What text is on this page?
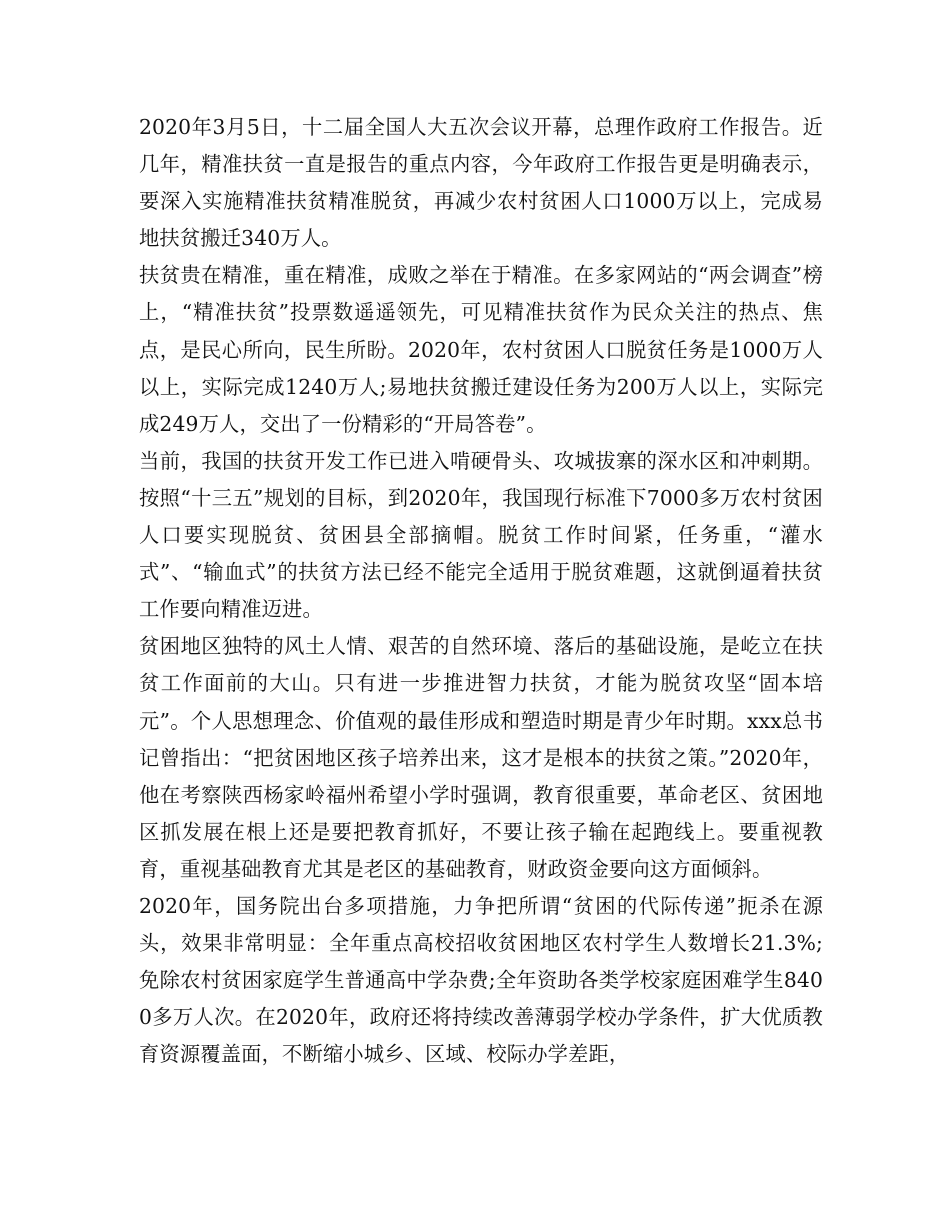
2020年3月5日，十二届全国人大五次会议开幕，总理作政府工作报告。近几年，精准扶贫一直是报告的重点内容，今年政府工作报告更是明确表示，要深入实施精准扶贫精准脱贫，再减少农村贫困人口1000万以上，完成易地扶贫搬迁340万人。

扶贫贵在精准，重在精准，成败之举在于精准。在多家网站的“两会调查”榜上，“精准扶贫”投票数遥遥领先，可见精准扶贫作为民众关注的热点、焦点，是民心所向，民生所盼。2020年，农村贫困人口脱贫任务是1000万人以上，实际完成1240万人;易地扶贫搬迁建设任务为200万人以上，实际完成249万人，交出了一份精彩的“开局答卷”。

当前，我国的扶贫开发工作已进入啃硬骨头、攻城拔寨的深水区和冲刺期。按照“十三五”规划的目标，到2020年，我国现行标准下7000多万农村贫困人口要实现脱贫、贫困县全部摘帽。脱贫工作时间紧，任务重，“灌水式”、“输血式”的扶贫方法已经不能完全适用于脱贫难题，这就倒逼着扶贫工作要向精准迈进。

贫困地区独特的风土人情、艰苦的自然环境、落后的基础设施，是屹立在扶贫工作面前的大山。只有进一步推进智力扶贫，才能为脱贫攻坚“固本培元”。个人思想理念、价值观的最佳形成和塑造时期是青少年时期。xxx总书记曾指出：“把贫困地区孩子培养出来，这才是根本的扶贫之策。”2020年，他在考察陕西杨家岭福州希望小学时强调，教育很重要，革命老区、贫困地区抓发展在根上还是要把教育抓好，不要让孩子输在起跑线上。要重视教育，重视基础教育尤其是老区的基础教育，财政资金要向这方面倾斜。

2020年，国务院出台多项措施，力争把所谓“贫困的代际传递”扼杀在源头，效果非常明显：全年重点高校招收贫困地区农村学生人数增长21.3%;免除农村贫困家庭学生普通高中学杂费;全年资助各类学校家庭困难学生8400多万人次。在2020年，政府还将持续改善薄弱学校办学条件，扩大优质教育资源覆盖面，不断缩小城乡、区域、校际办学差距，
